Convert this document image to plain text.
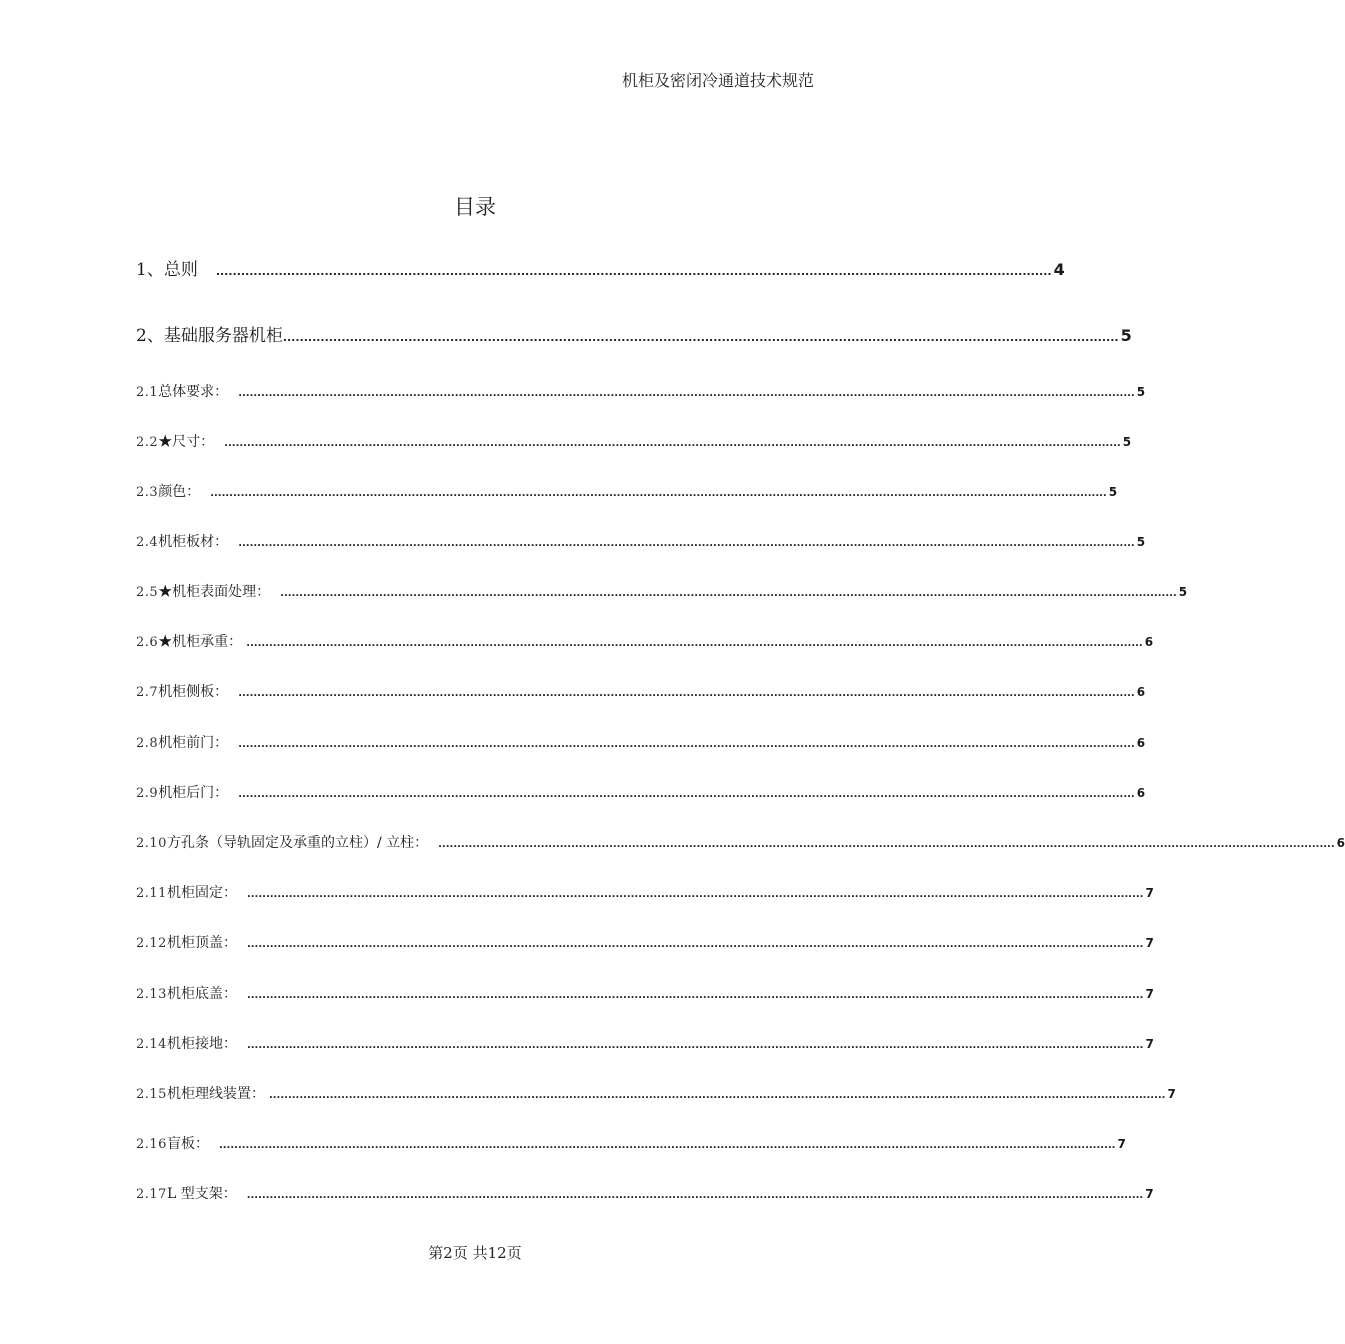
机柜及密闭冷通道技术规范
目录
1、总则 ........................................................................................................................................................................................................ 4
2、基础服务器机柜 ........................................................................................................................................................................................................ 5
2.1 总体要求： ............................................................................................................................................................................................................................................ 5
2.2 ★尺寸： ............................................................................................................................................................................................................................................ 5
2.3 颜色： ............................................................................................................................................................................................................................................ 5
2.4 机柜板材： ............................................................................................................................................................................................................................................ 5
2.5 ★机柜表面处理： ............................................................................................................................................................................................................................................ 5
2.6 ★机柜承重： ............................................................................................................................................................................................................................................ 6
2.7 机柜侧板： ............................................................................................................................................................................................................................................ 6
2.8 机柜前门： ............................................................................................................................................................................................................................................ 6
2.9 机柜后门： ............................................................................................................................................................................................................................................ 6
2.10 方孔条（导轨固定及承重的立柱）/ 立柱： ............................................................................................................................................................................................................................................ 6
2.11 机柜固定： ............................................................................................................................................................................................................................................ 7
2.12 机柜顶盖： ............................................................................................................................................................................................................................................ 7
2.13 机柜底盖： ............................................................................................................................................................................................................................................ 7
2.14 机柜接地： ............................................................................................................................................................................................................................................ 7
2.15 机柜理线装置： ............................................................................................................................................................................................................................................ 7
2.16 盲板： ............................................................................................................................................................................................................................................ 7
2.17 L 型支架： ............................................................................................................................................................................................................................................ 7
第2页 共12页
